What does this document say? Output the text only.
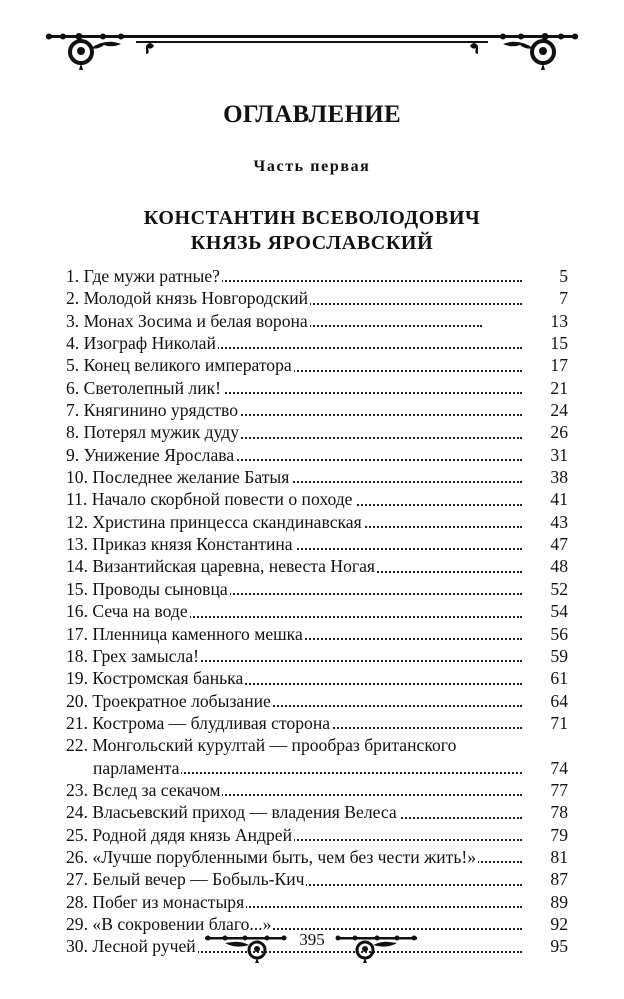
ОГЛАВЛЕНИЕ
Часть первая
КОНСТАНТИН ВСЕВОЛОДОВИЧ
КНЯЗЬ ЯРОСЛАВСКИЙ
1. Где мужи ратные?	5
2. Молодой князь Новгородский	7
3. Монах Зосима и белая ворона	13
4. Изограф Николай	15
5. Конец великого императора	17
6. Светолепный лик!	21
7. Княгинино урядство	24
8. Потерял мужик дуду	26
9. Унижение Ярослава	31
10. Последнее желание Батыя	38
11. Начало скорбной повести о походе	41
12. Христина принцесса скандинавская	43
13. Приказ князя Константина	47
14. Византийская царевна, невеста Ногая	48
15. Проводы сыновца	52
16. Сеча на воде	54
17. Пленница каменного мешка	56
18. Грех замысла!	59
19. Костромская банька	61
20. Троекратное лобызание	64
21. Кострома — блудливая сторона	71
22. Монгольский курултай — прообраз британского
парламента	74
23. Вслед за секачом	77
24. Власьевский приход — владения Велеса	78
25. Родной дядя князь Андрей	79
26. «Лучше порубленными быть, чем без чести жить!»	81
27. Белый вечер — Бобыль-Кич	87
28. Побег из монастыря	89
29. «В сокровении благо...»	92
30. Лесной ручей	95
395
